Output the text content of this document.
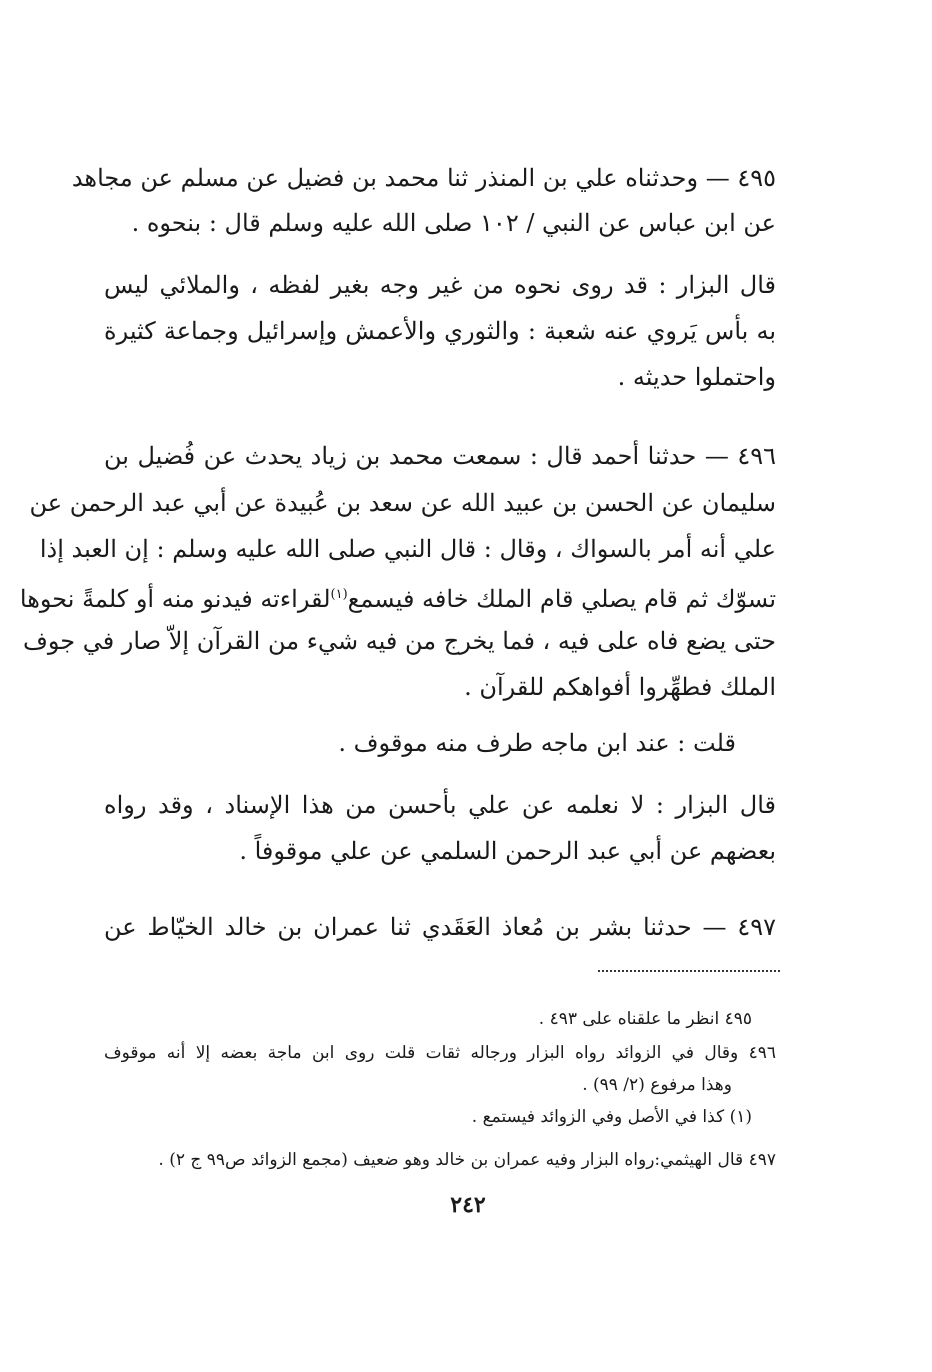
٤٩٥ — وحدثناه علي بن المنذر ثنا محمد بن فضيل عن مسلم عن مجاهد
عن ابن عباس عن النبي / ١٠٢ صلى الله عليه وسلم قال : بنحوه .
قال البزار : قد روى نحوه من غير وجه بغير لفظه ، والملائي ليس
به بأس يَروي عنه شعبة : والثوري والأعمش وإسرائيل وجماعة كثيرة
واحتملوا حديثه .
٤٩٦ — حدثنا أحمد قال : سمعت محمد بن زياد يحدث عن فُضيل بن
سليمان عن الحسن بن عبيد الله عن سعد بن عُبيدة عن أبي عبد الرحمن عن
علي أنه أمر بالسواك ، وقال : قال النبي صلى الله عليه وسلم : إن العبد إذا
تسوّك ثم قام يصلي قام الملك خافه فيسمع$^{(١)}$لقراءته فيدنو منه أو كلمةً نحوها
حتى يضع فاه على فيه ، فما يخرج من فيه شيء من القرآن إلاّ صار في جوف
الملك فطهِّروا أفواهكم للقرآن .
قلت : عند ابن ماجه طرف منه موقوف .
قال البزار : لا نعلمه عن علي بأحسن من هذا الإسناد ، وقد رواه
بعضهم عن أبي عبد الرحمن السلمي عن علي موقوفاً .
٤٩٧ — حدثنا بشر بن مُعاذ العَقَدي ثنا عمران بن خالد الخيّاط عن
٤٩٥ انظر ما علقناه على ٤٩٣ .
٤٩٦ وقال في الزوائد رواه البزار ورجاله ثقات قلت روى ابن ماجة بعضه إلا أنه موقوف
وهذا مرفوع (٢/ ٩٩) .
(١) كذا في الأصل وفي الزوائد فيستمع .
٤٩٧ قال الهيثمي:رواه البزار وفيه عمران بن خالد وهو ضعيف (مجمع الزوائد ص٩٩ ج ٢) .
٢٤٢
